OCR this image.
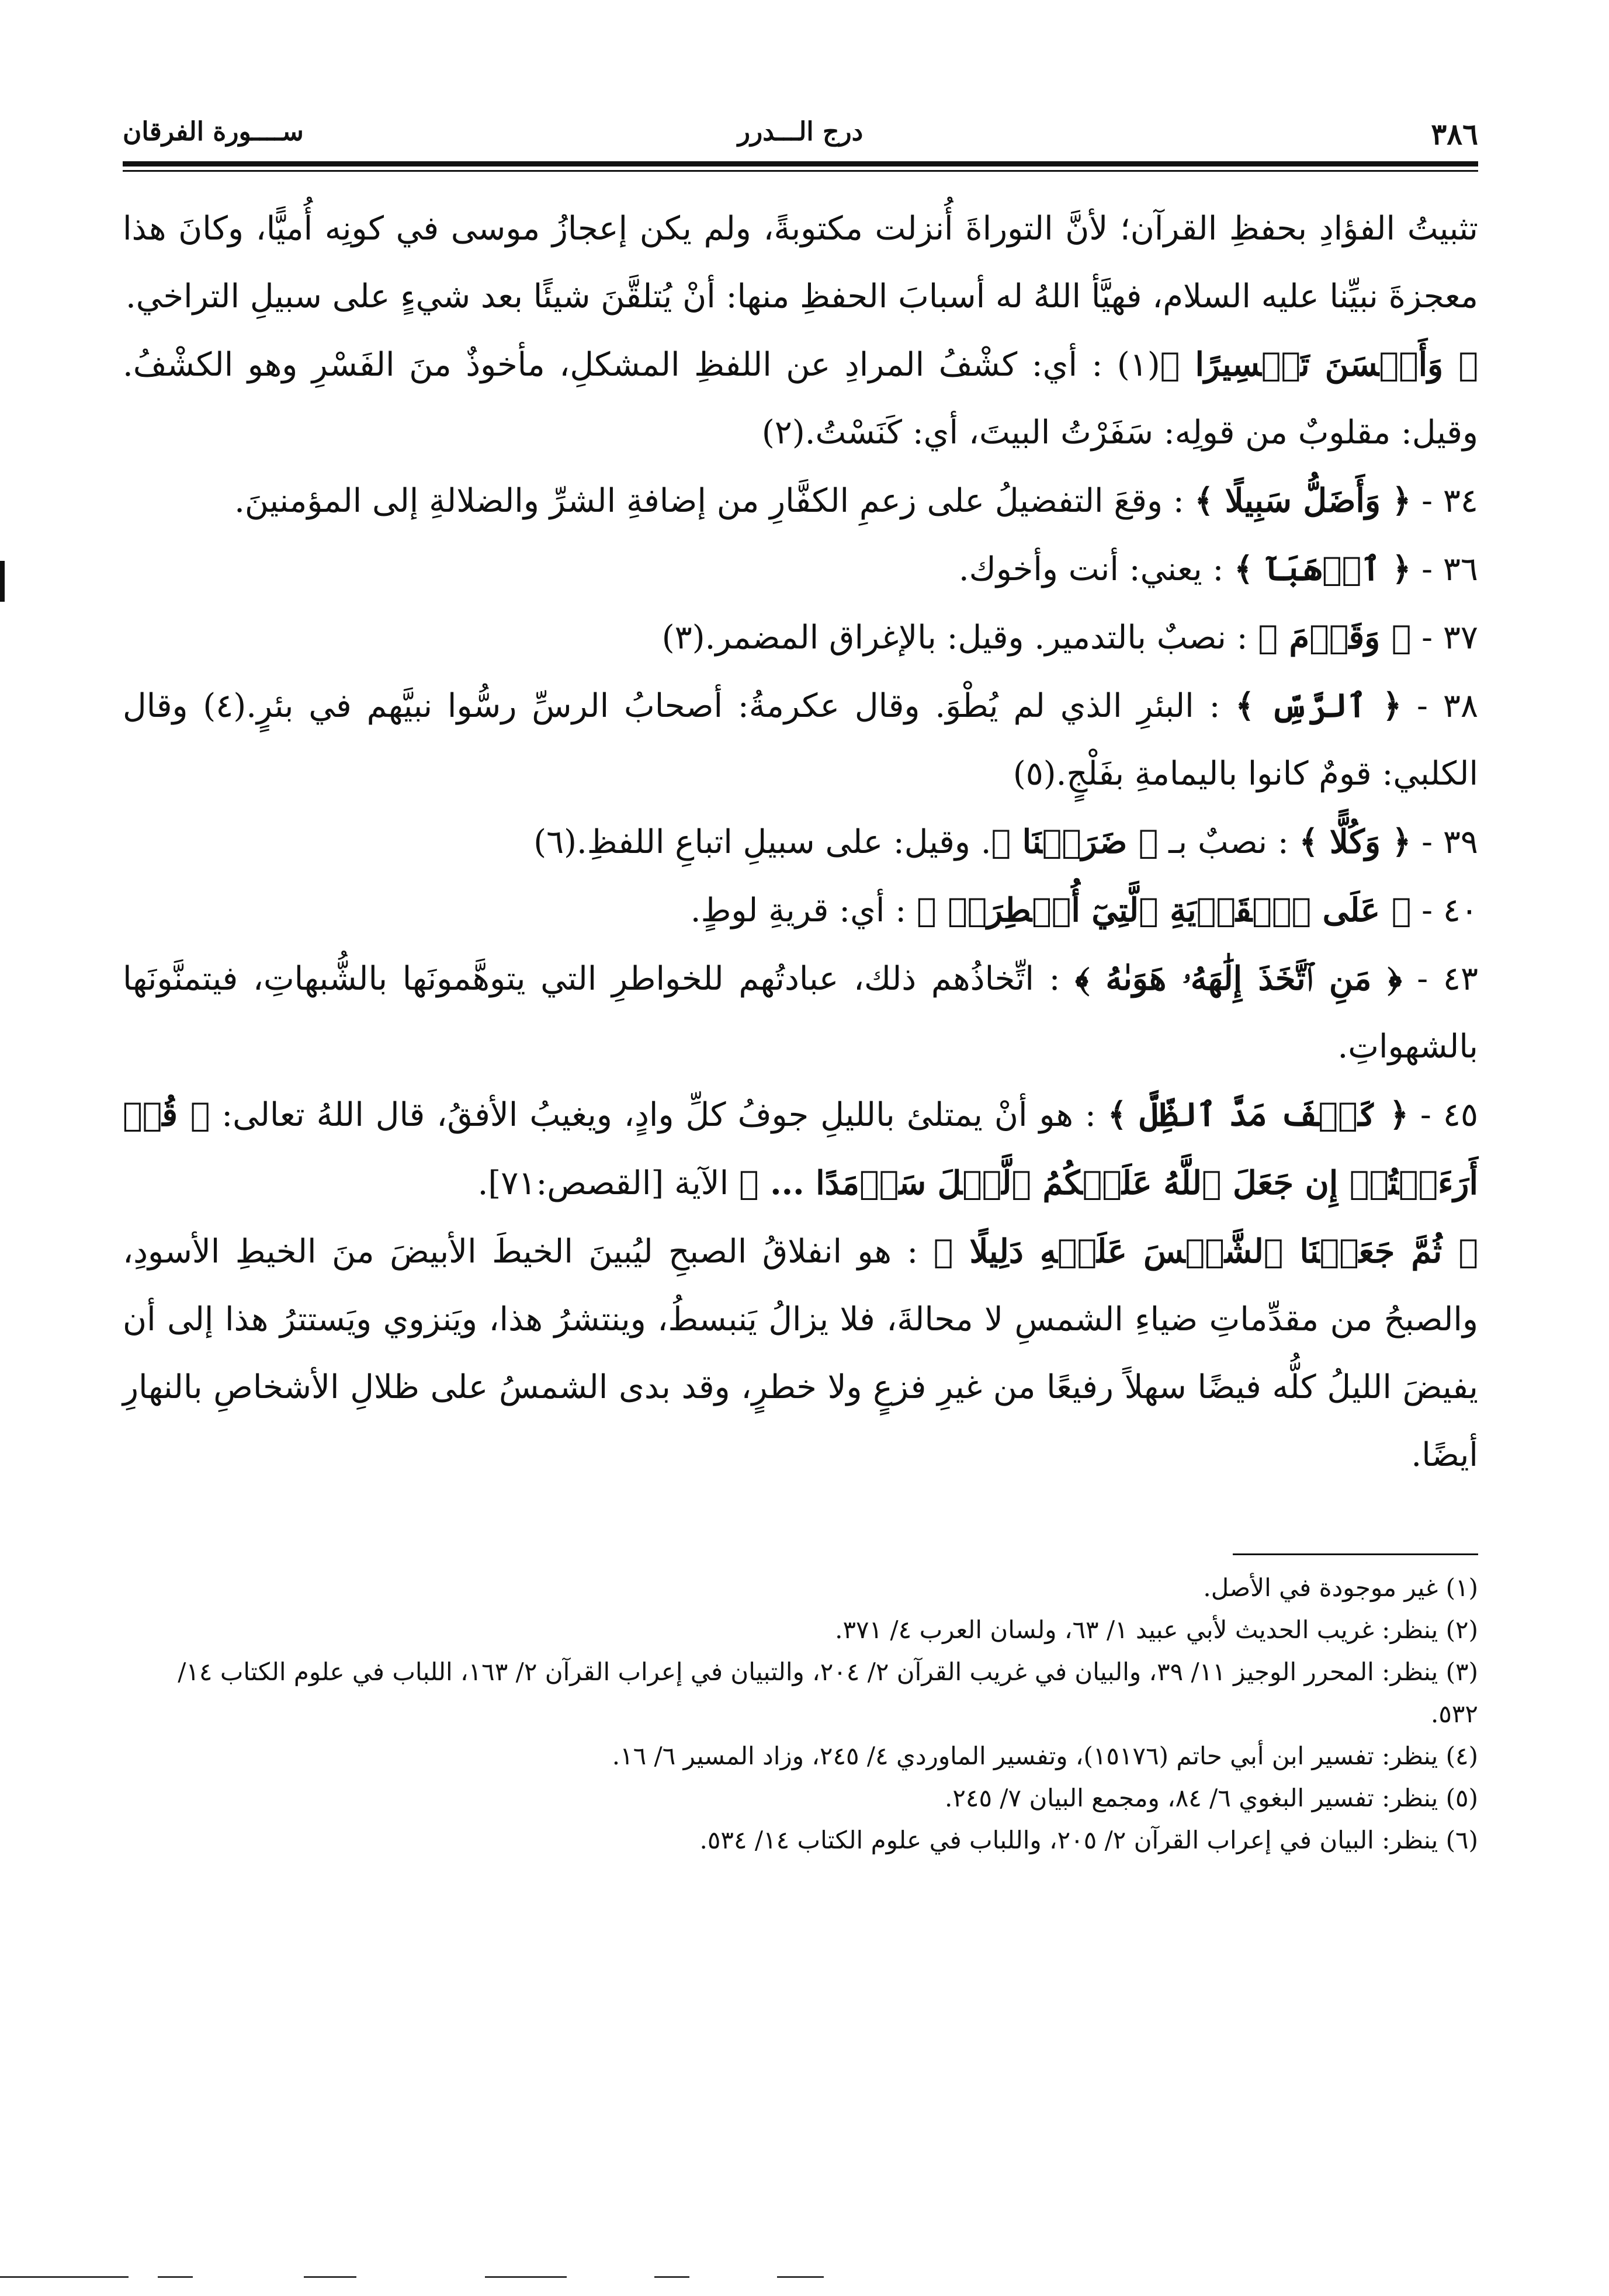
٣٨٦
درج الـــدرر
ســــورة الفرقان

تثبيتُ الفؤادِ بحفظِ القرآن؛ لأنَّ التوراةَ أُنزلت مكتوبةً، ولم يكن إعجازُ موسى في كونِه أُميًّا، وكانَ هذا معجزةَ نبيِّنا عليه السلام، فهيَّأ اللهُ له أسبابَ الحفظِ منها: أنْ يُتلقَّنَ شيئًا بعد شيءٍ على سبيلِ التراخي.

﴿ وَأَحۡسَنَ تَفۡسِيرًا ﴾(١) : أي: كشْفُ المرادِ عن اللفظِ المشكلِ، مأخوذٌ منَ الفَسْرِ وهو الكشْفُ. وقيل: مقلوبٌ من قولِه: سَفَرْتُ البيتَ، أي: كَنَسْتُ.(٢)

٣٤ - ﴿ وَأَضَلُّ سَبِيلًا ﴾ : وقعَ التفضيلُ على زعمِ الكفَّارِ من إضافةِ الشرِّ والضلالةِ إلى المؤمنينَ.

٣٦ - ﴿ ٱذۡهَبَآ ﴾ : يعني: أنت وأخوك.

٣٧ - ﴿ وَقَوۡمَ ﴾ : نصبٌ بالتدمير. وقيل: بالإغراق المضمر.(٣)

٣٨ - ﴿ ٱلرَّسِّ ﴾ : البئرِ الذي لم يُطْوَ. وقال عكرمةُ: أصحابُ الرسِّ رسُّوا نبيَّهم في بئرٍ.(٤) وقال الكلبي: قومٌ كانوا باليمامةِ بفَلْجٍ.(٥)

٣٩ - ﴿ وَكُلًّا ﴾ : نصبٌ بـ ﴿ ضَرَبۡنَا ﴾. وقيل: على سبيلِ اتباعِ اللفظِ.(٦)

٤٠ - ﴿ عَلَى ٱلۡقَرۡيَةِ ٱلَّتِيٓ أُمۡطِرَتۡ ﴾ : أي: قريةِ لوطٍ.

٤٣ - ﴿ مَنِ ٱتَّخَذَ إِلَٰهَهُۥ هَوَىٰهُ ﴾ : اتِّخاذُهم ذلك، عبادتُهم للخواطرِ التي يتوهَّمونَها بالشُّبهاتِ، فيتمنَّونَها بالشهواتِ.

٤٥ - ﴿ كَيۡفَ مَدَّ ٱلظِّلَّ ﴾ : هو أنْ يمتلئ بالليلِ جوفُ كلِّ وادٍ، ويغيبُ الأفقُ، قال اللهُ تعالى: ﴿ قُلۡ أَرَءَيۡتُمۡ إِن جَعَلَ ٱللَّهُ عَلَيۡكُمُ ٱلَّيۡلَ سَرۡمَدًا ... ﴾ الآية [القصص:٧١].

﴿ ثُمَّ جَعَلۡنَا ٱلشَّمۡسَ عَلَيۡهِ دَلِيلًا ﴾ : هو انفلاقُ الصبحِ ليُبينَ الخيطَ الأبيضَ منَ الخيطِ الأسودِ، والصبحُ من مقدِّماتِ ضياءِ الشمسِ لا محالةَ، فلا يزالُ يَنبسطُ، وينتشرُ هذا، ويَنزوي ويَستترُ هذا إلى أن يفيضَ الليلُ كلُّه فيضًا سهلاً رفيعًا من غيرِ فزعٍ ولا خطرٍ، وقد بدى الشمسُ على ظلالِ الأشخاصِ بالنهارِ أيضًا.

(١) غير موجودة في الأصل.

(٢) ينظر: غريب الحديث لأبي عبيد ١/ ٦٣، ولسان العرب ٤/ ٣٧١.

(٣) ينظر: المحرر الوجيز ١١/ ٣٩، والبيان في غريب القرآن ٢/ ٢٠٤، والتبيان في إعراب القرآن ٢/ ١٦٣، اللباب في علوم الكتاب ١٤/ ٥٣٢.

(٤) ينظر: تفسير ابن أبي حاتم (١٥١٧٦)، وتفسير الماوردي ٤/ ٢٤٥، وزاد المسير ٦/ ١٦.

(٥) ينظر: تفسير البغوي ٦/ ٨٤، ومجمع البيان ٧/ ٢٤٥.

(٦) ينظر: البيان في إعراب القرآن ٢/ ٢٠٥، واللباب في علوم الكتاب ١٤/ ٥٣٤.
